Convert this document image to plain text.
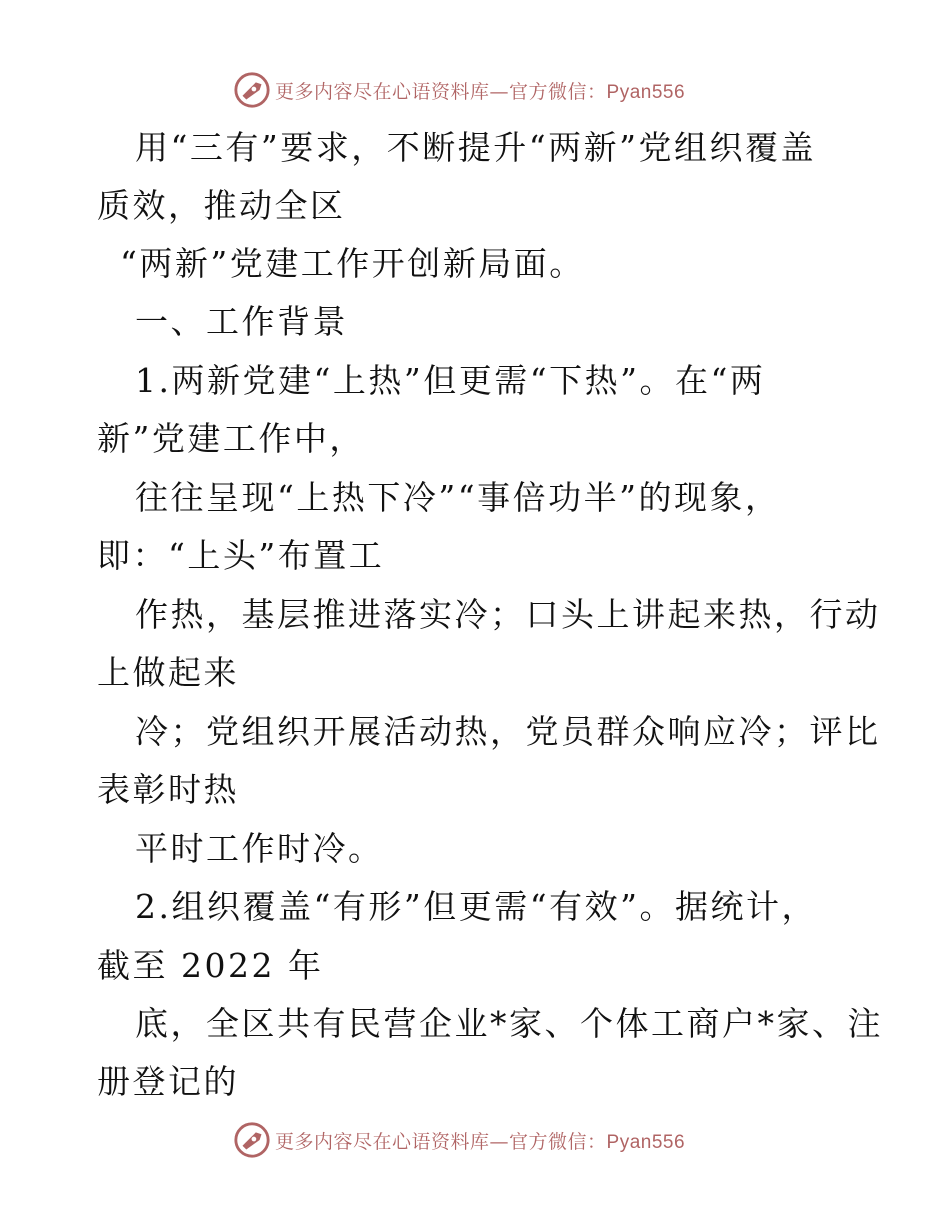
更多内容尽在心语资料库—官方微信：Pyan556
用“三有”要求，不断提升“两新”党组织覆盖
质效，推动全区
“两新”党建工作开创新局面。
一、工作背景
1.两新党建“上热”但更需“下热”。在“两
新”党建工作中，
往往呈现“上热下冷”“事倍功半”的现象，
即：“上头”布置工
作热，基层推进落实冷；口头上讲起来热，行动
上做起来
冷；党组织开展活动热，党员群众响应冷；评比
表彰时热
平时工作时冷。
2.组织覆盖“有形”但更需“有效”。据统计，
截至 2022 年
底，全区共有民营企业*家、个体工商户*家、注
册登记的
更多内容尽在心语资料库—官方微信：Pyan556
